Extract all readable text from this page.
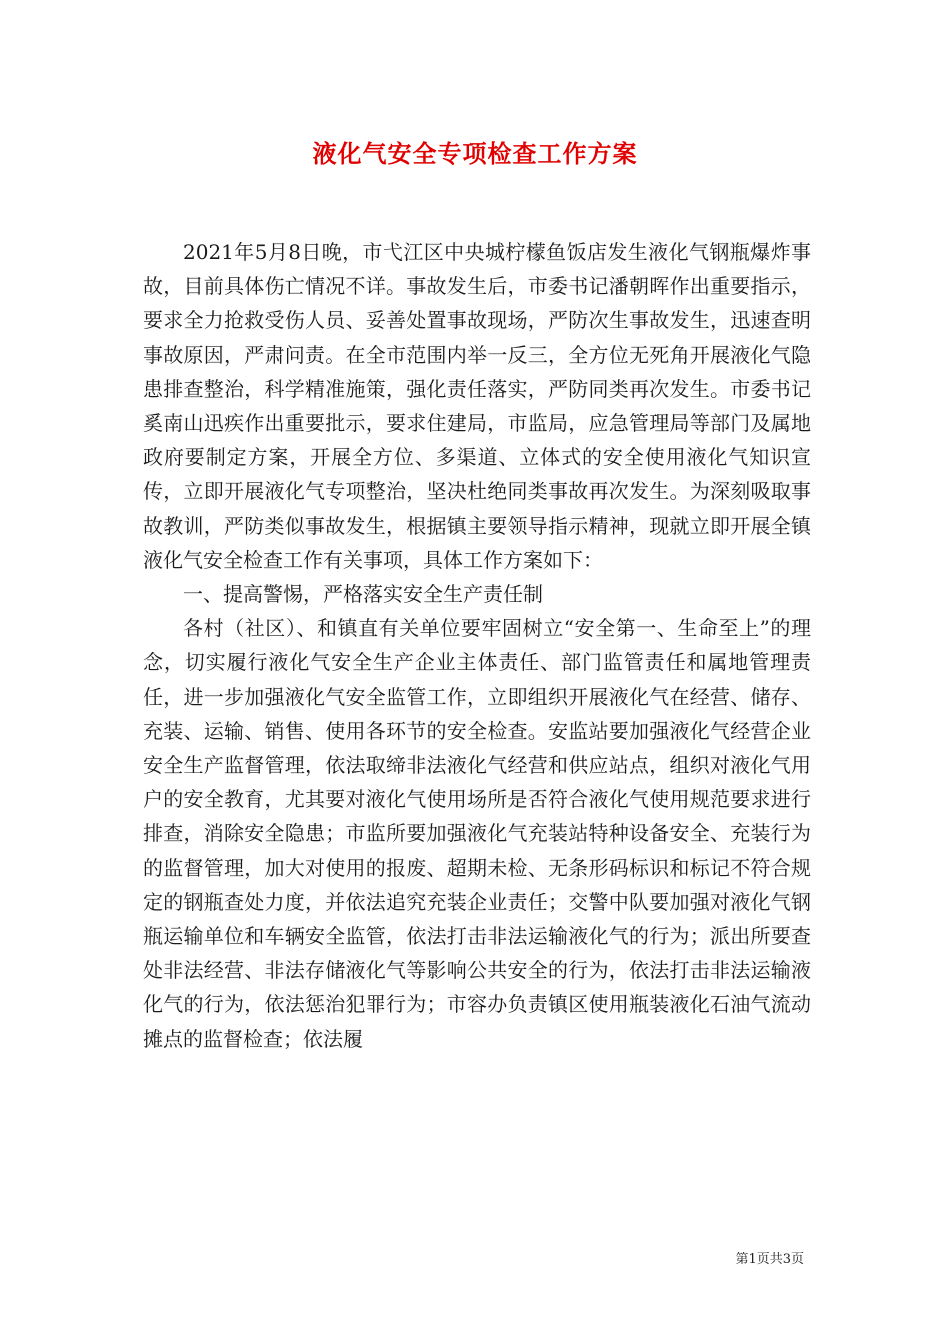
液化气安全专项检查工作方案

2021年5月8日晚，市弋江区中央城柠檬鱼饭店发生液化气钢瓶爆炸事故，目前具体伤亡情况不详。事故发生后，市委书记潘朝晖作出重要指示，要求全力抢救受伤人员、妥善处置事故现场，严防次生事故发生，迅速查明事故原因，严肃问责。在全市范围内举一反三，全方位无死角开展液化气隐患排查整治，科学精准施策，强化责任落实，严防同类再次发生。市委书记奚南山迅疾作出重要批示，要求住建局，市监局，应急管理局等部门及属地政府要制定方案，开展全方位、多渠道、立体式的安全使用液化气知识宣传，立即开展液化气专项整治，坚决杜绝同类事故再次发生。为深刻吸取事故教训，严防类似事故发生，根据镇主要领导指示精神，现就立即开展全镇液化气安全检查工作有关事项，具体工作方案如下：

一、提高警惕，严格落实安全生产责任制

各村（社区）、和镇直有关单位要牢固树立“安全第一、生命至上”的理念，切实履行液化气安全生产企业主体责任、部门监管责任和属地管理责任，进一步加强液化气安全监管工作，立即组织开展液化气在经营、储存、充装、运输、销售、使用各环节的安全检查。安监站要加强液化气经营企业安全生产监督管理，依法取缔非法液化气经营和供应站点，组织对液化气用户的安全教育，尤其要对液化气使用场所是否符合液化气使用规范要求进行排查，消除安全隐患；市监所要加强液化气充装站特种设备安全、充装行为的监督管理，加大对使用的报废、超期未检、无条形码标识和标记不符合规定的钢瓶查处力度，并依法追究充装企业责任；交警中队要加强对液化气钢瓶运输单位和车辆安全监管，依法打击非法运输液化气的行为；派出所要查处非法经营、非法存储液化气等影响公共安全的行为，依法打击非法运输液化气的行为，依法惩治犯罪行为；市容办负责镇区使用瓶装液化石油气流动摊点的监督检查；依法履

第1页共3页
